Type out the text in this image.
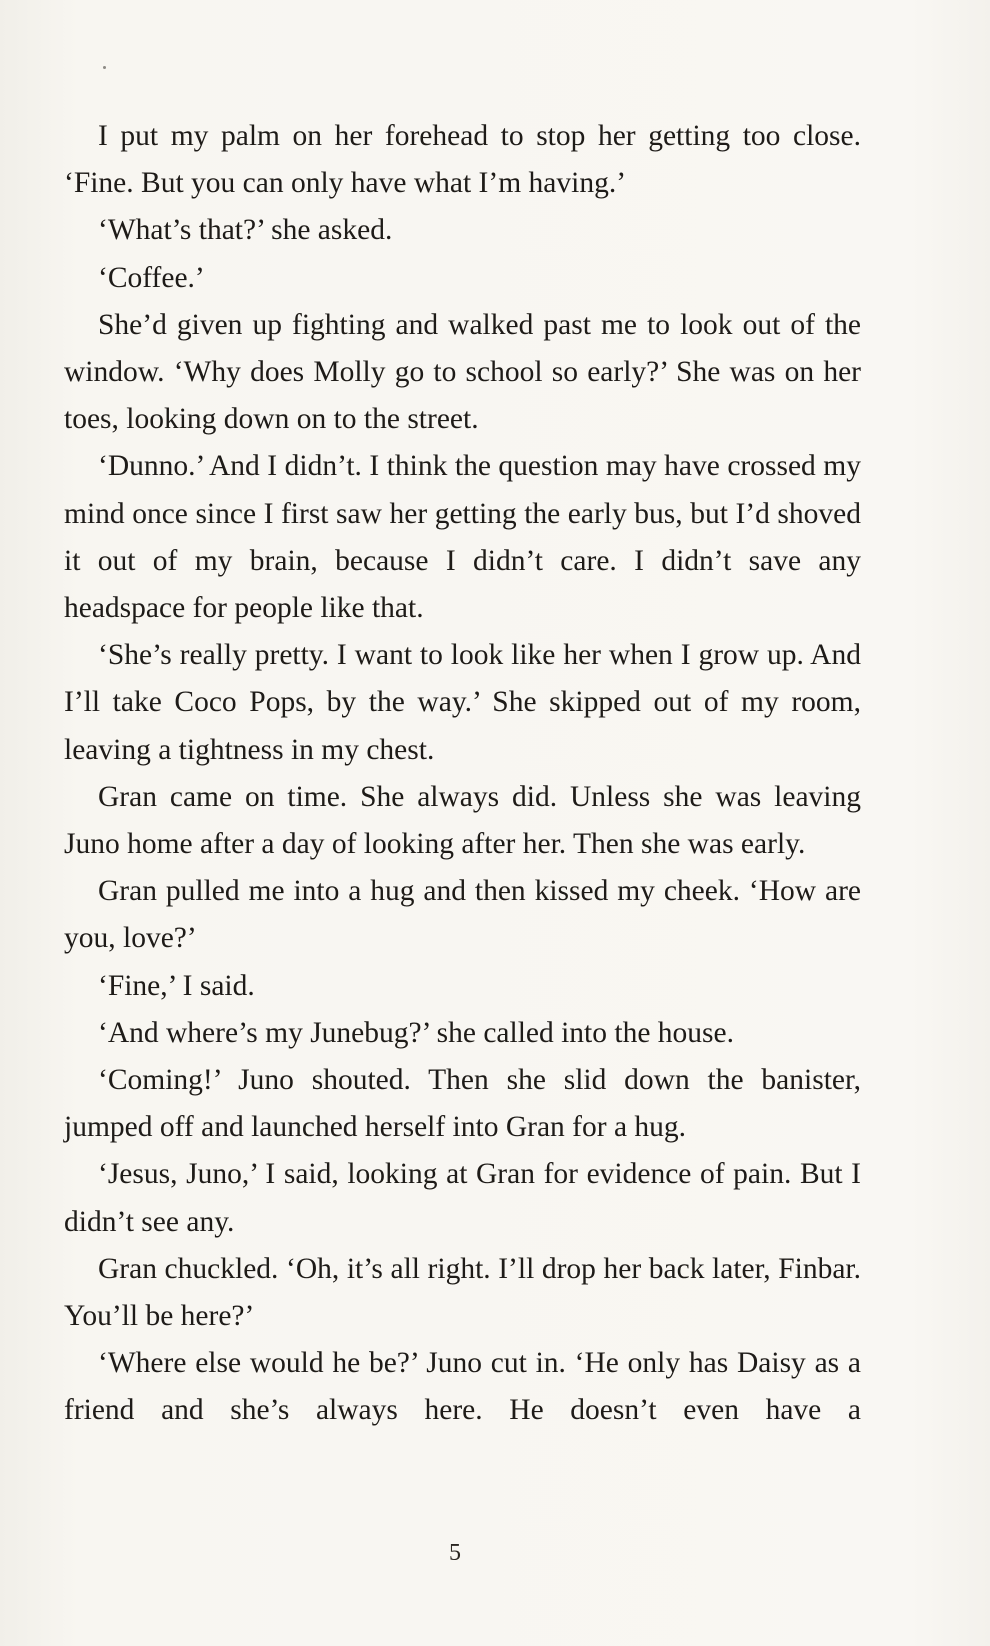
I put my palm on her forehead to stop her getting too close. ‘Fine. But you can only have what I’m having.’

‘What’s that?’ she asked.

‘Coffee.’

She’d given up fighting and walked past me to look out of the window. ‘Why does Molly go to school so early?’ She was on her toes, looking down on to the street.

‘Dunno.’ And I didn’t. I think the question may have crossed my mind once since I first saw her getting the early bus, but I’d shoved it out of my brain, because I didn’t care. I didn’t save any headspace for people like that.

‘She’s really pretty. I want to look like her when I grow up. And I’ll take Coco Pops, by the way.’ She skipped out of my room, leaving a tightness in my chest.

Gran came on time. She always did. Unless she was leaving Juno home after a day of looking after her. Then she was early.

Gran pulled me into a hug and then kissed my cheek. ‘How are you, love?’

‘Fine,’ I said.

‘And where’s my Junebug?’ she called into the house.

‘Coming!’ Juno shouted. Then she slid down the banister, jumped off and launched herself into Gran for a hug.

‘Jesus, Juno,’ I said, looking at Gran for evidence of pain. But I didn’t see any.

Gran chuckled. ‘Oh, it’s all right. I’ll drop her back later, Finbar. You’ll be here?’

‘Where else would he be?’ Juno cut in. ‘He only has Daisy as a friend and she’s always here. He doesn’t even have a

5
